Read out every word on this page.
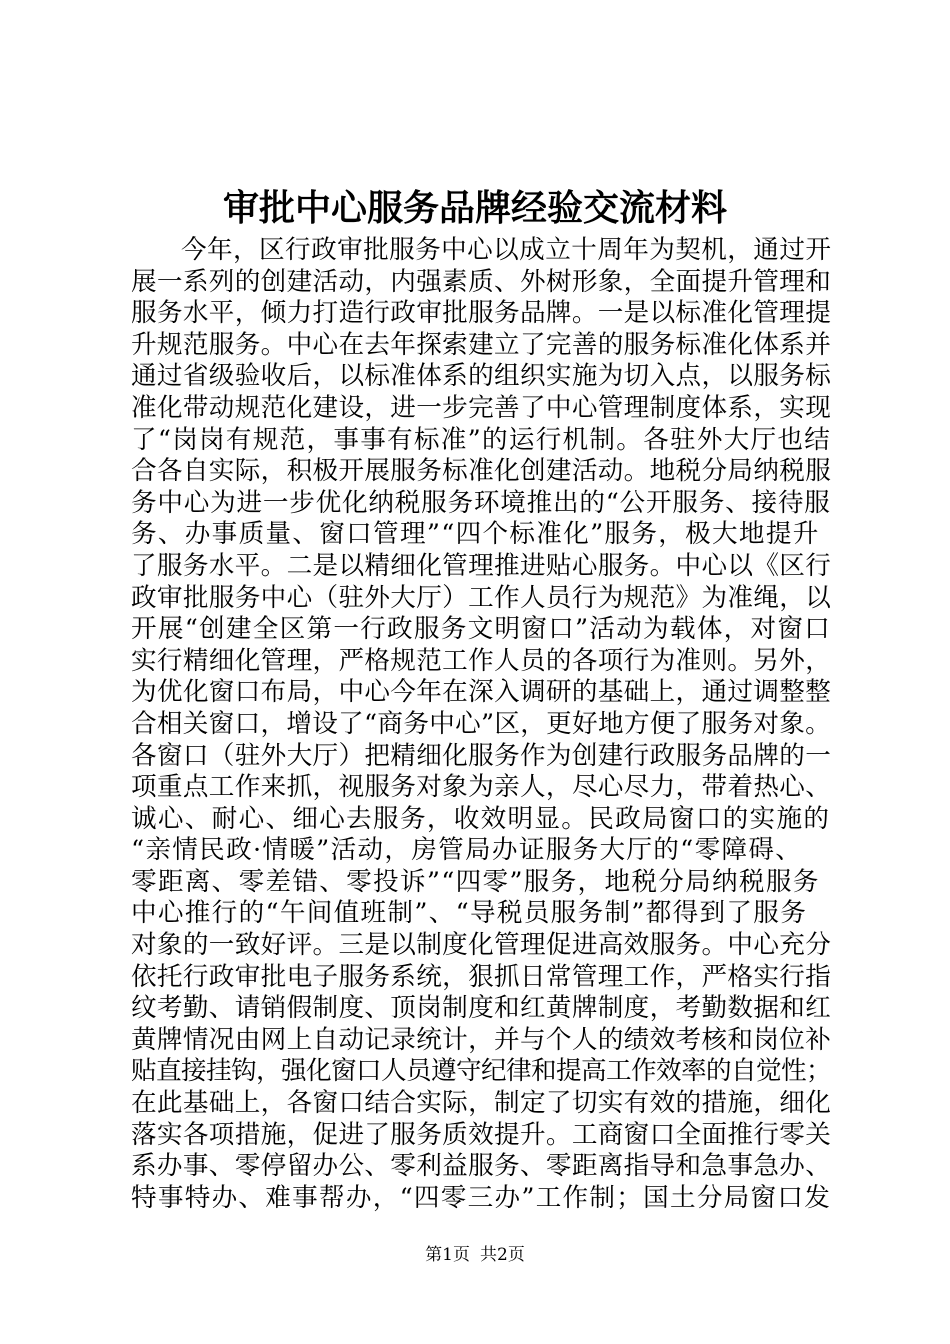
审批中心服务品牌经验交流材料
今年，区行政审批服务中心以成立十周年为契机，通过开
展一系列的创建活动，内强素质、外树形象，全面提升管理和
服务水平，倾力打造行政审批服务品牌。一是以标准化管理提
升规范服务。中心在去年探索建立了完善的服务标准化体系并
通过省级验收后，以标准体系的组织实施为切入点，以服务标
准化带动规范化建设，进一步完善了中心管理制度体系，实现
了“岗岗有规范，事事有标准”的运行机制。各驻外大厅也结
合各自实际，积极开展服务标准化创建活动。地税分局纳税服
务中心为进一步优化纳税服务环境推出的“公开服务、接待服
务、办事质量、窗口管理”“四个标准化”服务，极大地提升
了服务水平。二是以精细化管理推进贴心服务。中心以《区行
政审批服务中心（驻外大厅）工作人员行为规范》为准绳，以
开展“创建全区第一行政服务文明窗口”活动为载体，对窗口
实行精细化管理，严格规范工作人员的各项行为准则。另外，
为优化窗口布局，中心今年在深入调研的基础上，通过调整整
合相关窗口，增设了“商务中心”区，更好地方便了服务对象。
各窗口（驻外大厅）把精细化服务作为创建行政服务品牌的一
项重点工作来抓，视服务对象为亲人，尽心尽力，带着热心、
诚心、耐心、细心去服务，收效明显。民政局窗口的实施的
“亲情民政·情暖”活动，房管局办证服务大厅的“零障碍、
零距离、零差错、零投诉”“四零”服务，地税分局纳税服务
中心推行的“午间值班制”、“导税员服务制”都得到了服务
对象的一致好评。三是以制度化管理促进高效服务。中心充分
依托行政审批电子服务系统，狠抓日常管理工作，严格实行指
纹考勤、请销假制度、顶岗制度和红黄牌制度，考勤数据和红
黄牌情况由网上自动记录统计，并与个人的绩效考核和岗位补
贴直接挂钩，强化窗口人员遵守纪律和提高工作效率的自觉性；
在此基础上，各窗口结合实际，制定了切实有效的措施，细化
落实各项措施，促进了服务质效提升。工商窗口全面推行零关
系办事、零停留办公、零利益服务、零距离指导和急事急办、
特事特办、难事帮办，“四零三办”工作制；国土分局窗口发
第1页 共2页
